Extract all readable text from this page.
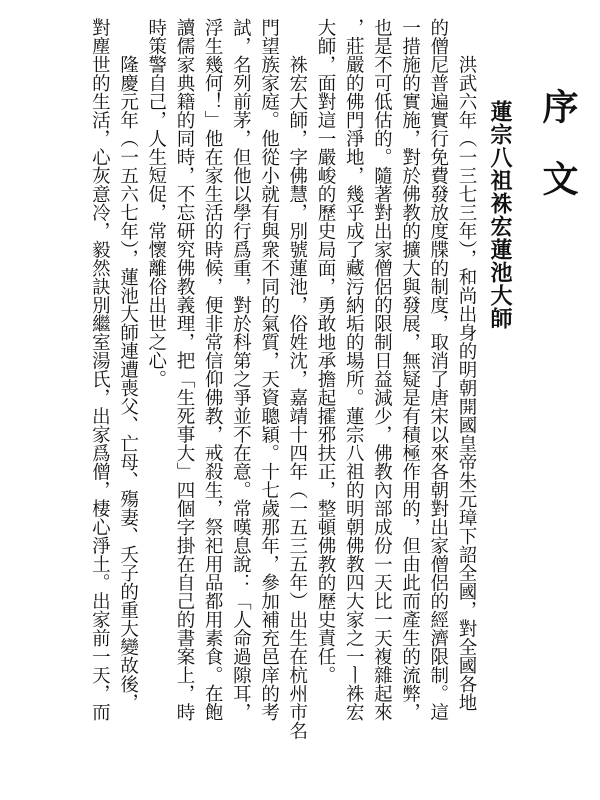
序文
蓮宗八祖袾宏蓮池大師
洪武六年（一三七三年），和尚出身的明朝開國皇帝朱元璋下詔全國，對全國各地
的僧尼普遍實行免費發放度牒的制度，取消了唐宋以來各朝對出家僧侶的經濟限制。這
一措施的實施，對於佛教的擴大與發展，無疑是有積極作用的，但由此而產生的流弊，
也是不可低估的。隨著對出家僧侶的限制日益減少，佛教內部成份一天比一天複雜起來
，莊嚴的佛門淨地，幾乎成了藏污納垢的場所。蓮宗八祖的明朝佛教四大家之一ㅣ袾宏
大師，面對這一嚴峻的歷史局面，勇敢地承擔起攉邪扶正，整頓佛教的歷史責任。
袾宏大師，字佛慧，別號蓮池，俗姓沈，嘉靖十四年（一五三五年）出生在杭州市名
門望族家庭。他從小就有與衆不同的氣質，天資聰穎。十七歲那年，參加補充邑庠的考
試，名列前茅，但他以學行爲重，對於科第之爭並不在意。常嘆息說：「人命過隙耳，
浮生幾何！」他在家生活的時候，便非常信仰佛教，戒殺生，祭祀用品都用素食。在飽
讀儒家典籍的同時，不忘研究佛教義理，把「生死事大」四個字掛在自己的書案上，時
時策警自己，人生短促，常懷離俗出世之心。
隆慶元年（一五六七年），蓮池大師連遭喪父、亡母、殤妻、夭子的重大變故後，
對塵世的生活，心灰意冷，毅然訣別繼室湯氏，出家爲僧，棲心淨土。出家前一天，而
